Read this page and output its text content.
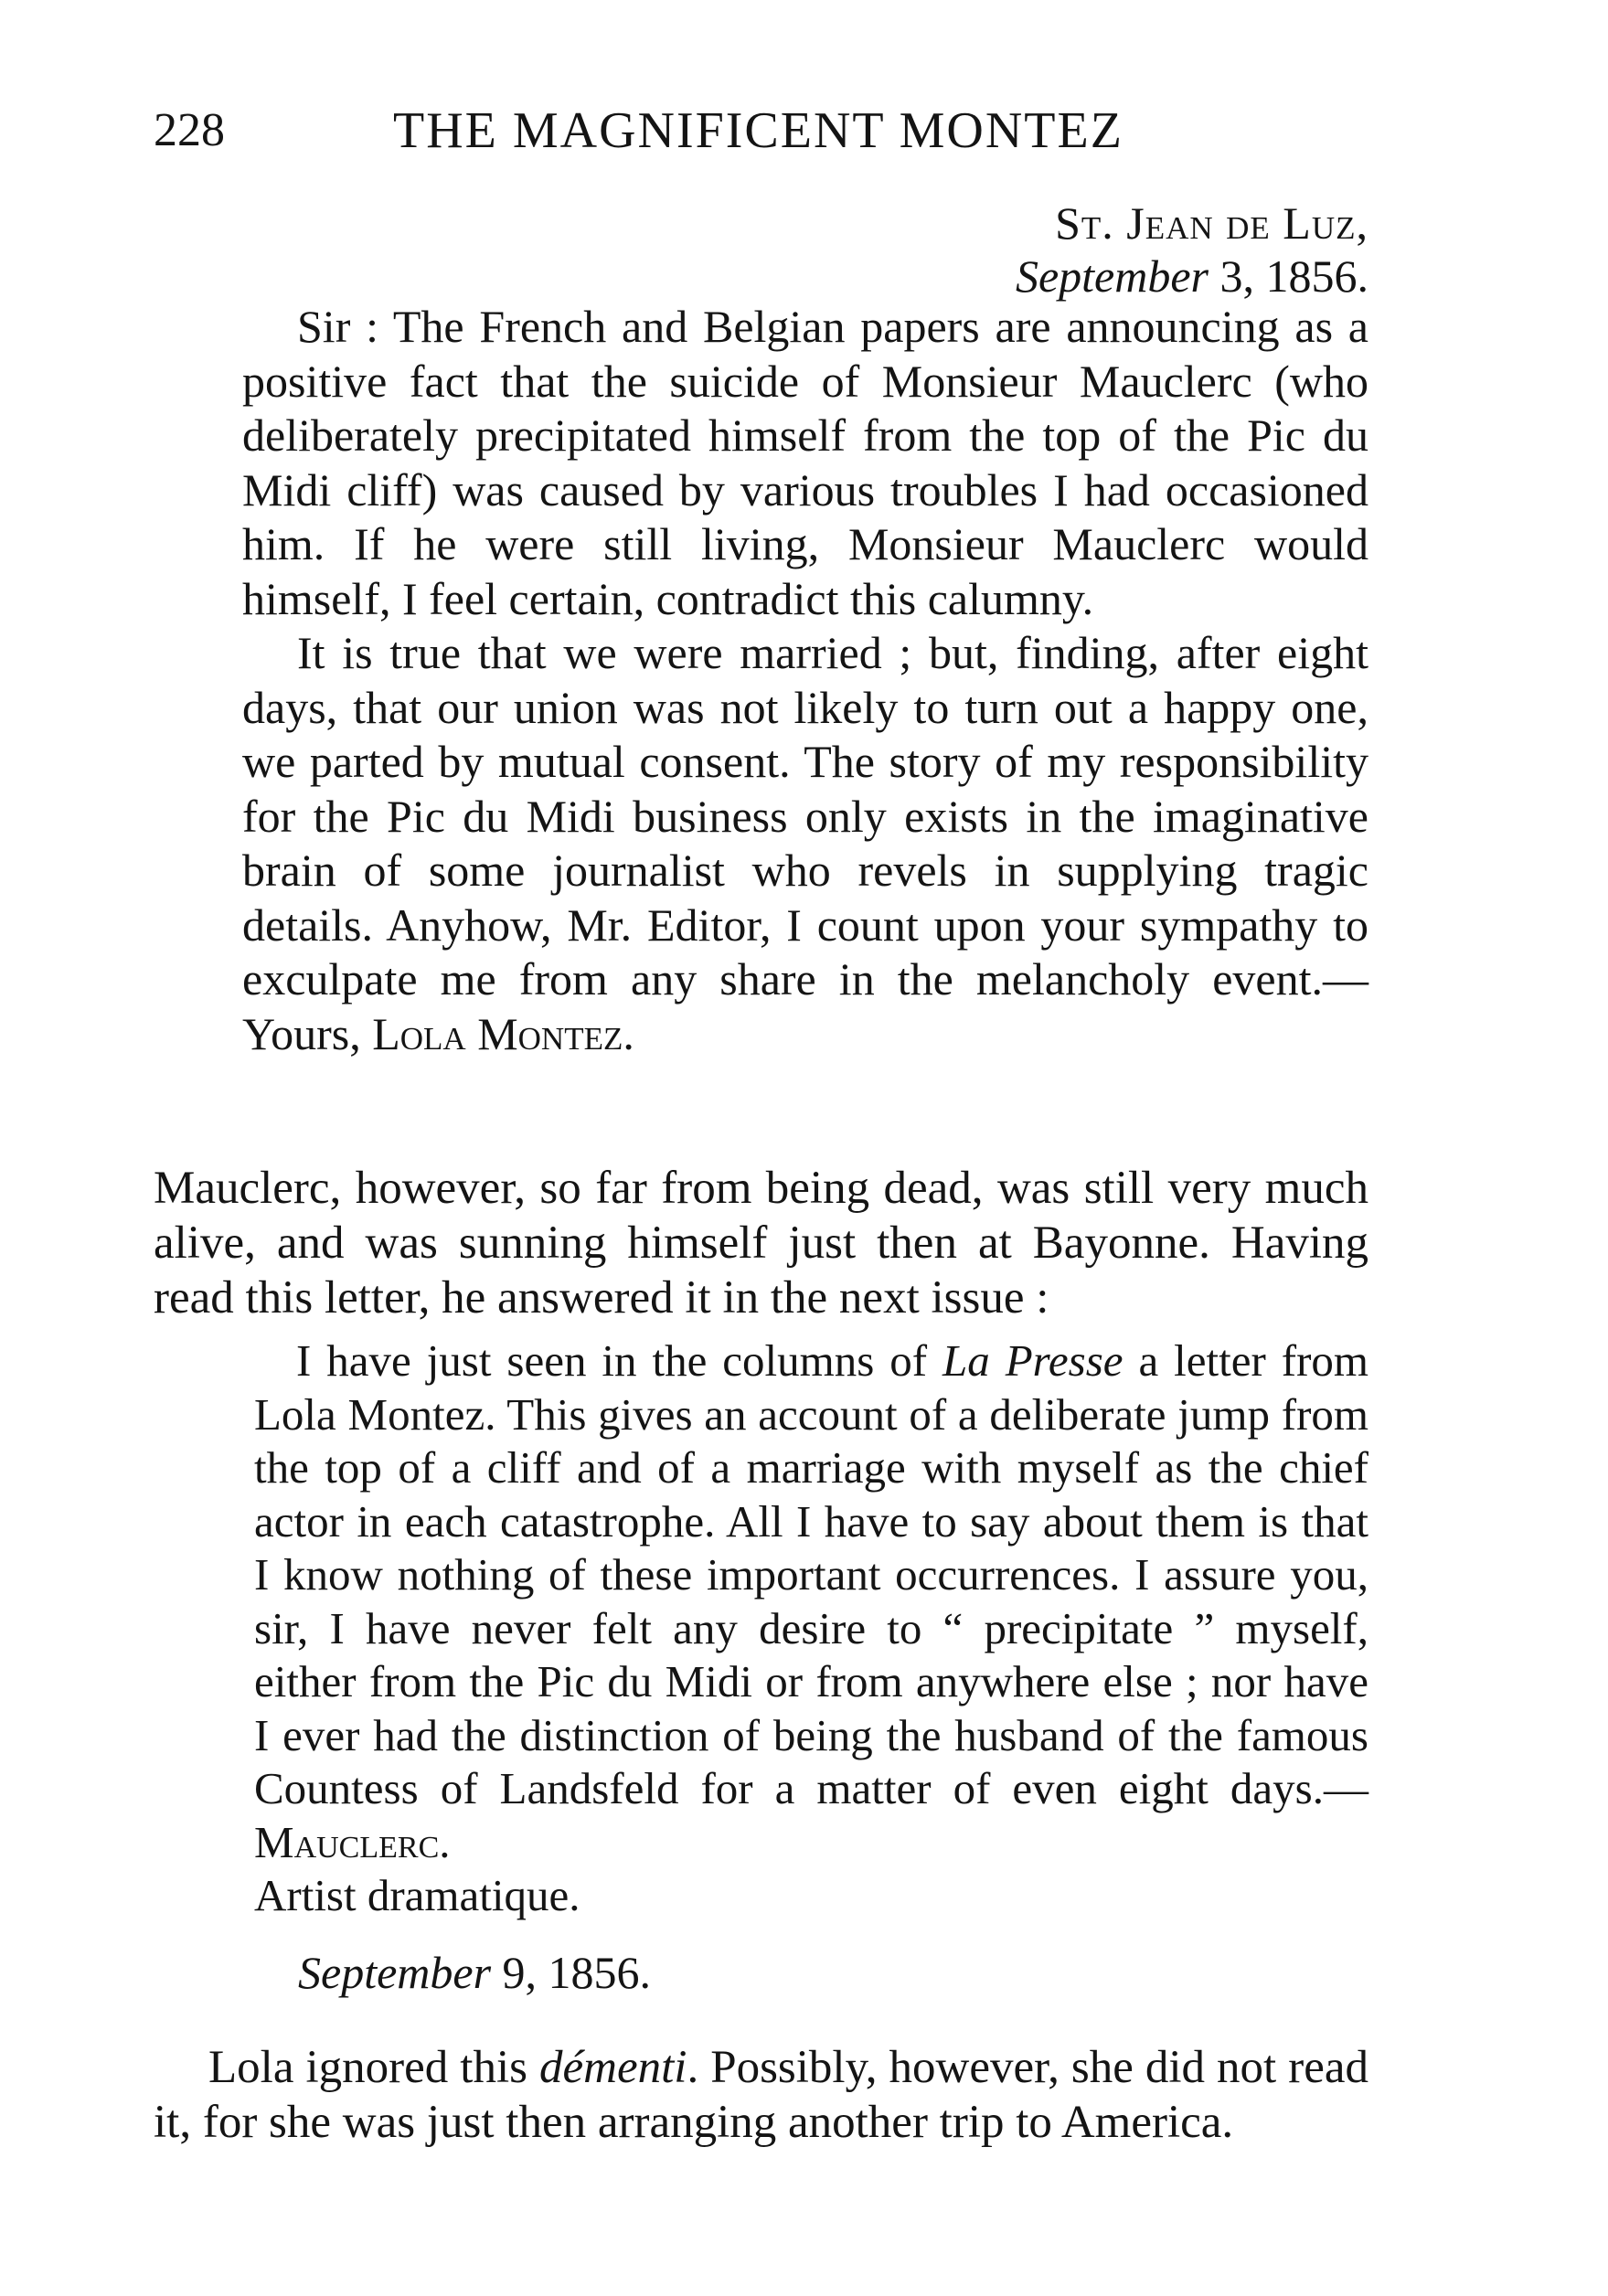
228	THE MAGNIFICENT MONTEZ
St. Jean de Luz,
September 3, 1856.

Sir : The French and Belgian papers are announcing as a positive fact that the suicide of Monsieur Mauclerc (who deliberately precipitated himself from the top of the Pic du Midi cliff) was caused by various troubles I had occasioned him. If he were still living, Monsieur Mauclerc would himself, I feel certain, contradict this calumny.

It is true that we were married ; but, finding, after eight days, that our union was not likely to turn out a happy one, we parted by mutual consent. The story of my responsibility for the Pic du Midi business only exists in the imaginative brain of some journalist who revels in supplying tragic details. Anyhow, Mr. Editor, I count upon your sympathy to exculpate me from any share in the melancholy event.—Yours, Lola Montez.

Mauclerc, however, so far from being dead, was still very much alive, and was sunning himself just then at Bayonne. Having read this letter, he answered it in the next issue :

I have just seen in the columns of La Presse a letter from Lola Montez. This gives an account of a deliberate jump from the top of a cliff and of a marriage with myself as the chief actor in each catastrophe. All I have to say about them is that I know nothing of these important occurrences. I assure you, sir, I have never felt any desire to “ precipitate ” myself, either from the Pic du Midi or from anywhere else ; nor have I ever had the distinction of being the husband of the famous Countess of Landsfeld for a matter of even eight days.—Mauclerc.

Artist dramatique.

September 9, 1856.

Lola ignored this démenti. Possibly, however, she did not read it, for she was just then arranging another trip to America.
